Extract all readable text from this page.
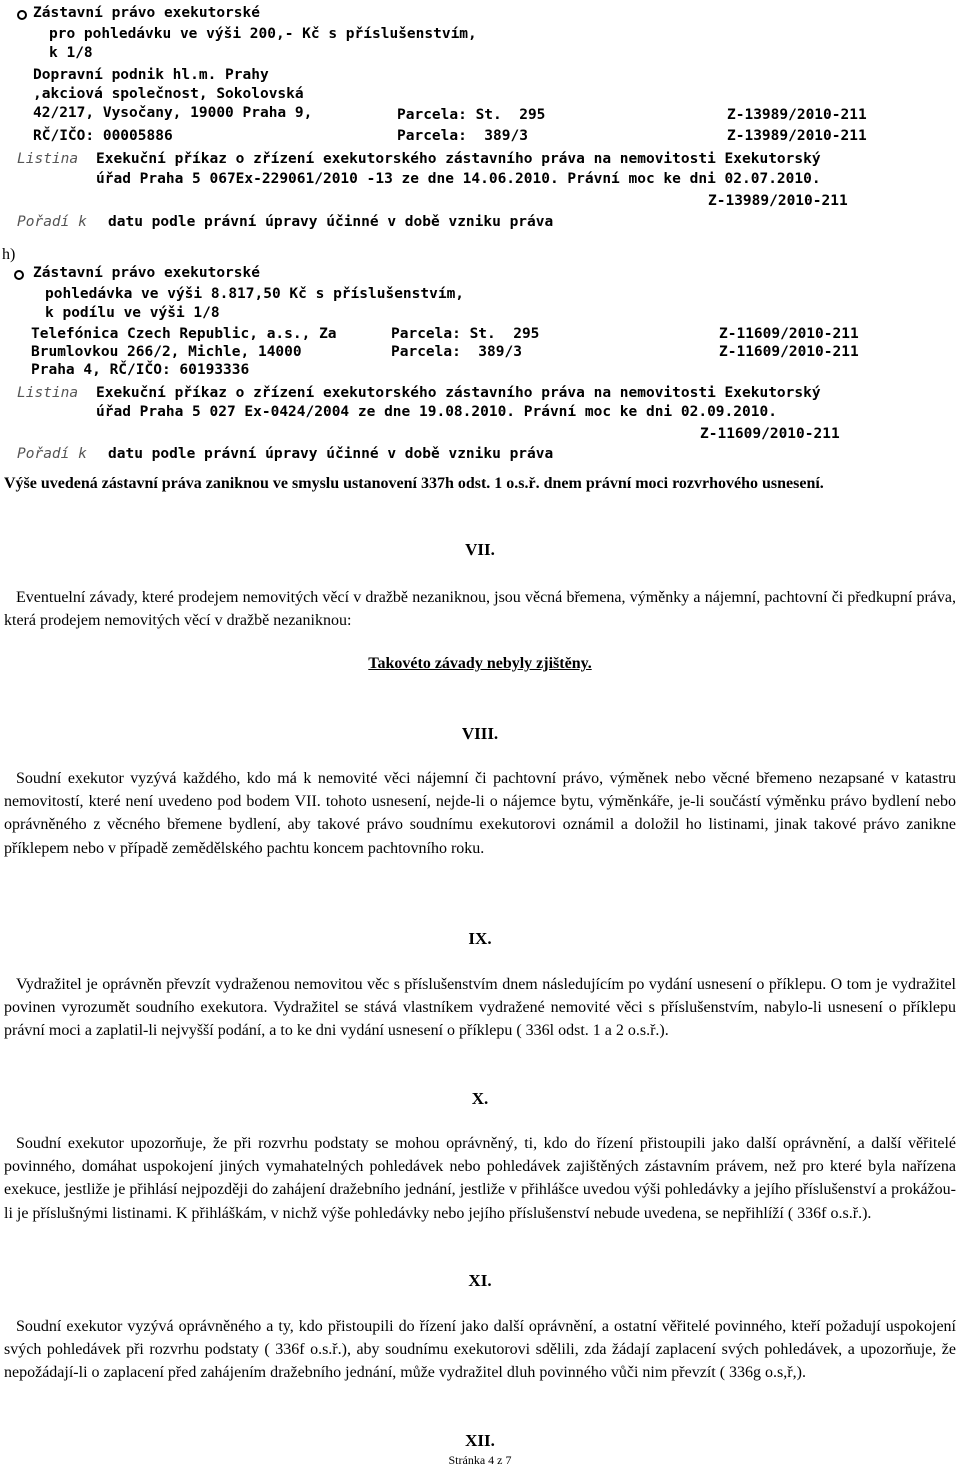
Zástavní právo exekutorské
pro pohledávku ve výši 200,- Kč s příslušenstvím,
k 1/8
Dopravní podnik hl.m. Prahy
,akciová společnost, Sokolovská
42/217, Vysočany, 19000 Praha 9,
RČ/IČO: 00005886
Parcela: St.  295
Parcela:  389/3
Z-13989/2010-211
Z-13989/2010-211
Listina Exekuční příkaz o zřízení exekutorského zástavního práva na nemovitosti Exekutorský
úřad Praha 5 067Ex-229061/2010 -13 ze dne 14.06.2010. Právní moc ke dni 02.07.2010.
Z-13989/2010-211
Pořadí k datu podle právní úpravy účinné v době vzniku práva
h)
Zástavní právo exekutorské
pohledávka ve výši 8.817,50 Kč s příslušenstvím,
k podílu ve výši 1/8
Telefónica Czech Republic, a.s., Za
Brumlovkou 266/2, Michle, 14000
Praha 4, RČ/IČO: 60193336
Parcela: St.  295
Parcela:  389/3
Z-11609/2010-211
Z-11609/2010-211
Listina Exekuční příkaz o zřízení exekutorského zástavního práva na nemovitosti Exekutorský
úřad Praha 5 027 Ex-0424/2004 ze dne 19.08.2010. Právní moc ke dni 02.09.2010.
Z-11609/2010-211
Pořadí k datu podle právní úpravy účinné v době vzniku práva
Výše uvedená zástavní práva zaniknou ve smyslu ustanovení 337h odst. 1 o.s.ř. dnem právní moci rozvrhového usnesení.
VII.
Eventuelní závady, které prodejem nemovitých věcí v dražbě nezaniknou, jsou věcná břemena, výměnky a nájemní, pachtovní či předkupní práva, která prodejem nemovitých věcí v dražbě nezaniknou:
Takovéto závady nebyly zjištěny.
VIII.
Soudní exekutor vyzývá každého, kdo má k nemovité věci nájemní či pachtovní právo, výměnek nebo věcné břemeno nezapsané v katastru nemovitostí, které není uvedeno pod bodem VII. tohoto usnesení, nejde-li o nájemce bytu, výměnkáře, je-li součástí výměnku právo bydlení nebo oprávněného z věcného břemene bydlení, aby takové právo soudnímu exekutorovi oznámil a doložil ho listinami, jinak takové právo zanikne příklepem nebo v případě zemědělského pachtu koncem pachtovního roku.
IX.
Vydražitel je oprávněn převzít vydraženou nemovitou věc s příslušenstvím dnem následujícím po vydání usnesení o příklepu. O tom je vydražitel povinen vyrozumět soudního exekutora. Vydražitel se stává vlastníkem vydražené nemovité věci s příslušenstvím, nabylo-li usnesení o příklepu právní moci a zaplatil-li nejvyšší podání, a to ke dni vydání usnesení o příklepu ( 336l odst. 1 a 2 o.s.ř.).
X.
Soudní exekutor upozorňuje, že při rozvrhu podstaty se mohou oprávněný, ti, kdo do řízení přistoupili jako další oprávnění, a další věřitelé povinného, domáhat uspokojení jiných vymahatelných pohledávek nebo pohledávek zajištěných zástavním právem, než pro které byla nařízena exekuce, jestliže je přihlásí nejpozději do zahájení dražebního jednání, jestliže v přihlášce uvedou výši pohledávky a jejího příslušenství a prokážou-li je příslušnými listinami. K přihláškám, v nichž výše pohledávky nebo jejího příslušenství nebude uvedena, se nepřihlíží ( 336f o.s.ř.).
XI.
Soudní exekutor vyzývá oprávněného a ty, kdo přistoupili do řízení jako další oprávnění, a ostatní věřitelé povinného, kteří požadují uspokojení svých pohledávek při rozvrhu podstaty ( 336f o.s.ř.), aby soudnímu exekutorovi sdělili, zda žádají zaplacení svých pohledávek, a upozorňuje, že nepožádají-li o zaplacení před zahájením dražebního jednání, může vydražitel dluh povinného vůči nim převzít ( 336g o.s,ř,).
XII.
Stránka 4 z 7
